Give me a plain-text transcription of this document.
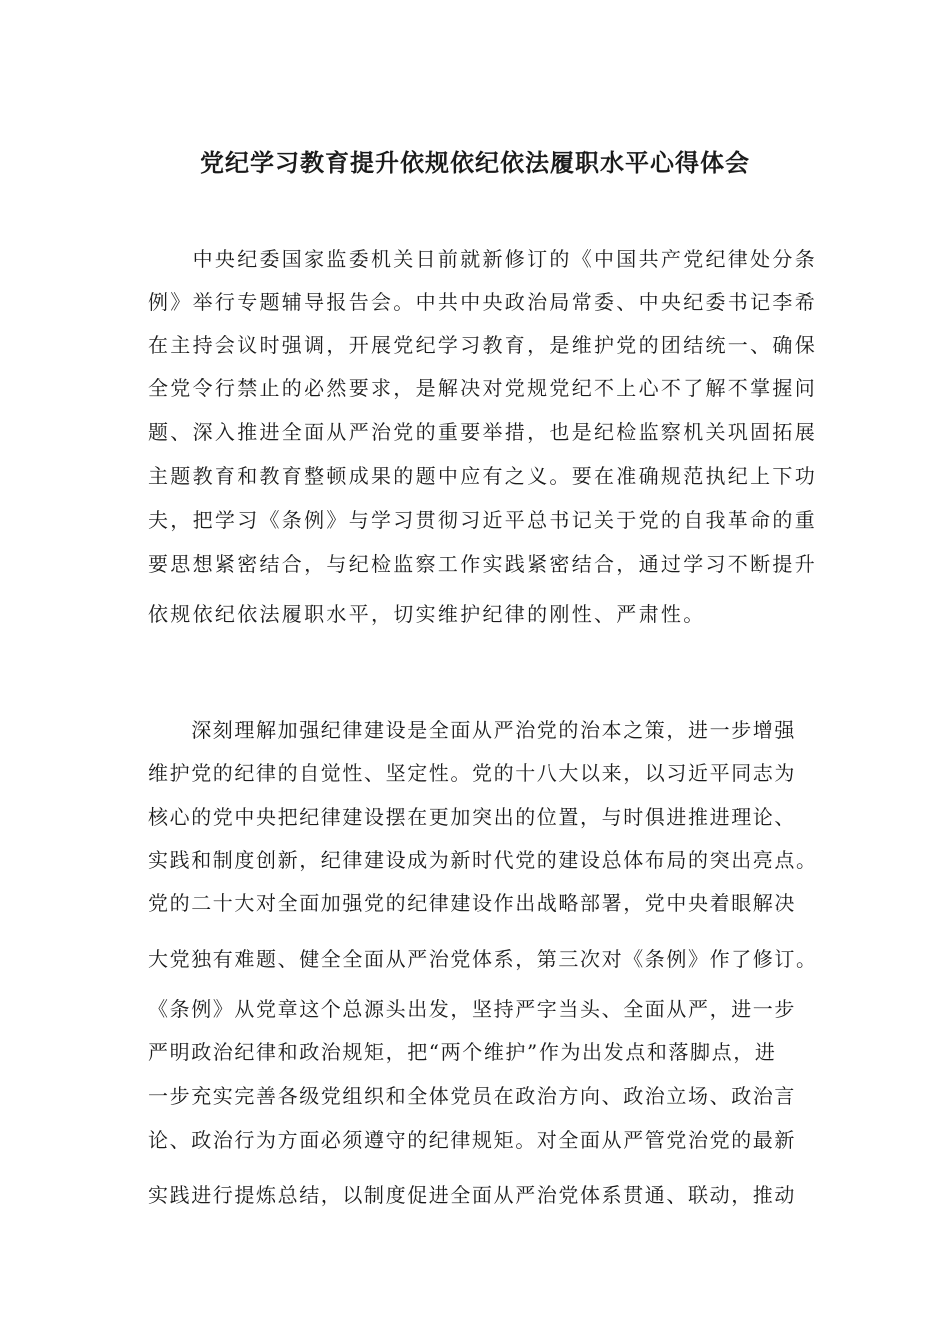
党纪学习教育提升依规依纪依法履职水平心得体会
　　中央纪委国家监委机关日前就新修订的《中国共产党纪律处分条
例》举行专题辅导报告会。中共中央政治局常委、中央纪委书记李希
在主持会议时强调，开展党纪学习教育，是维护党的团结统一、确保
全党令行禁止的必然要求，是解决对党规党纪不上心不了解不掌握问
题、深入推进全面从严治党的重要举措，也是纪检监察机关巩固拓展
主题教育和教育整顿成果的题中应有之义。要在准确规范执纪上下功
夫，把学习《条例》与学习贯彻习近平总书记关于党的自我革命的重
要思想紧密结合，与纪检监察工作实践紧密结合，通过学习不断提升
依规依纪依法履职水平，切实维护纪律的刚性、严肃性。
　　深刻理解加强纪律建设是全面从严治党的治本之策，进一步增强
维护党的纪律的自觉性、坚定性。党的十八大以来，以习近平同志为
核心的党中央把纪律建设摆在更加突出的位置，与时俱进推进理论、
实践和制度创新，纪律建设成为新时代党的建设总体布局的突出亮点。
党的二十大对全面加强党的纪律建设作出战略部署，党中央着眼解决
大党独有难题、健全全面从严治党体系，第三次对《条例》作了修订。
《条例》从党章这个总源头出发，坚持严字当头、全面从严，进一步
严明政治纪律和政治规矩，把“两个维护”作为出发点和落脚点，进
一步充实完善各级党组织和全体党员在政治方向、政治立场、政治言
论、政治行为方面必须遵守的纪律规矩。对全面从严管党治党的最新
实践进行提炼总结，以制度促进全面从严治党体系贯通、联动，推动
